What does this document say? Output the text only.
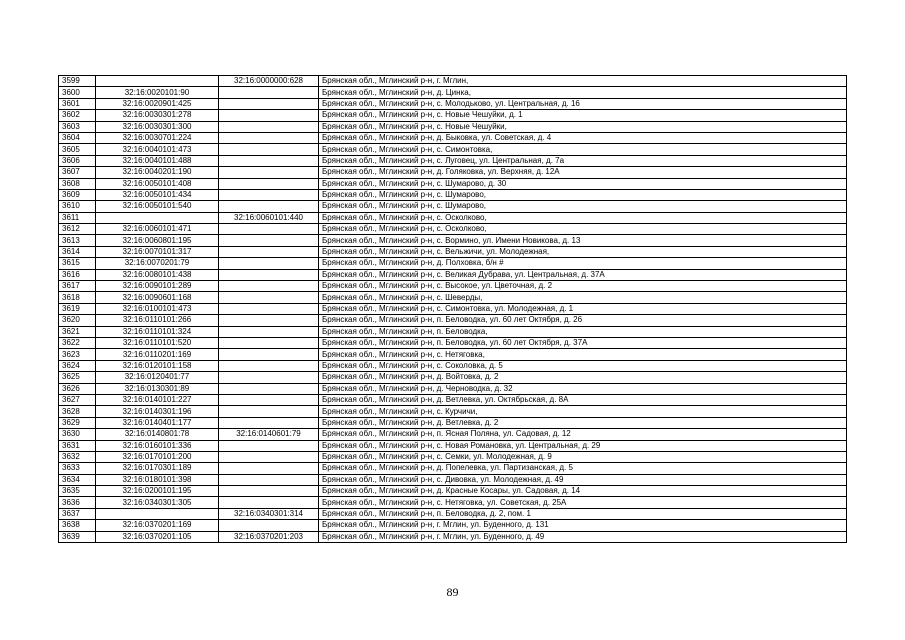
3599		32:16:0000000:628	Брянская обл., Мглинский р-н, г. Мглин,
3600	32:16:0020101:90		Брянская обл., Мглинский р-н, д. Цинка,
3601	32:16:0020901:425		Брянская обл., Мглинский р-н, с. Молодьково, ул. Центральная, д. 16
3602	32:16:0030301:278		Брянская обл., Мглинский р-н, с. Новые Чешуйки, д. 1
3603	32:16:0030301:300		Брянская обл., Мглинский р-н, с. Новые Чешуйки,
3604	32:16:0030701:224		Брянская обл., Мглинский р-н, д. Быковка, ул. Советская, д. 4
3605	32:16:0040101:473		Брянская обл., Мглинский р-н, с. Симонтовка,
3606	32:16:0040101:488		Брянская обл., Мглинский р-н, с. Луговец, ул. Центральная, д. 7а
3607	32:16:0040201:190		Брянская обл., Мглинский р-н, д. Голяковка, ул. Верхняя, д. 12А
3608	32:16:0050101:408		Брянская обл., Мглинский р-н, с. Шумарово, д. 30
3609	32:16:0050101:434		Брянская обл., Мглинский р-н, с. Шумарово,
3610	32:16:0050101:540		Брянская обл., Мглинский р-н, с. Шумарово,
3611		32:16:0060101:440	Брянская обл., Мглинский р-н, с. Осколково,
3612	32:16:0060101:471		Брянская обл., Мглинский р-н, с. Осколково,
3613	32:16:0060801:195		Брянская обл., Мглинский р-н, с. Вормино, ул. Имени Новикова, д. 13
3614	32:16:0070101:317		Брянская обл., Мглинский р-н, с. Вельжичи, ул. Молодежная,
3615	32:16:0070201:79		Брянская обл., Мглинский р-н, д. Полховка, б/н #
3616	32:16:0080101:438		Брянская обл., Мглинский р-н, с. Великая Дубрава, ул. Центральная, д. 37А
3617	32:16:0090101:289		Брянская обл., Мглинский р-н, с. Высокое, ул. Цветочная, д. 2
3618	32:16:0090601:168		Брянская обл., Мглинский р-н, с. Шеверды,
3619	32:16:0100101:473		Брянская обл., Мглинский р-н, с. Симонтовка, ул. Молодежная, д. 1
3620	32:16:0110101:266		Брянская обл., Мглинский р-н, п. Беловодка, ул. 60 лет Октября, д. 26
3621	32:16:0110101:324		Брянская обл., Мглинский р-н, п. Беловодка,
3622	32:16:0110101:520		Брянская обл., Мглинский р-н, п. Беловодка, ул. 60 лет Октября, д. 37А
3623	32:16:0110201:169		Брянская обл., Мглинский р-н, с. Нетяговка,
3624	32:16:0120101:158		Брянская обл., Мглинский р-н, с. Соколовка, д. 5
3625	32:16:0120401:77		Брянская обл., Мглинский р-н, д. Войтовка, д. 2
3626	32:16:0130301:89		Брянская обл., Мглинский р-н, д. Черноводка, д. 32
3627	32:16:0140101:227		Брянская обл., Мглинский р-н, д. Ветлевка, ул. Октябрьская, д. 8А
3628	32:16:0140301:196		Брянская обл., Мглинский р-н, с. Курчичи,
3629	32:16:0140401:177		Брянская обл., Мглинский р-н, д. Ветлевка, д. 2
3630	32:16:0140801:78	32:16:0140601:79	Брянская обл., Мглинский р-н, п. Ясная Поляна, ул. Садовая, д. 12
3631	32:16:0160101:336		Брянская обл., Мглинский р-н, с. Новая Романовка, ул. Центральная, д. 29
3632	32:16:0170101:200		Брянская обл., Мглинский р-н, с. Семки, ул. Молодежная, д. 9
3633	32:16:0170301:189		Брянская обл., Мглинский р-н, д. Попелевка, ул. Партизанская, д. 5
3634	32:16:0180101:398		Брянская обл., Мглинский р-н, с. Дивовка, ул. Молодежная, д. 49
3635	32:16:0200101:195		Брянская обл., Мглинский р-н, д. Красные Косары, ул. Садовая, д. 14
3636	32:16:0340301:305		Брянская обл., Мглинский р-н, с. Нетяговка, ул. Советская, д. 25А
3637		32:16:0340301:314	Брянская обл., Мглинский р-н, п. Беловодка, д. 2, пом. 1
3638	32:16:0370201:169		Брянская обл., Мглинский р-н, г. Мглин, ул. Буденного, д. 131
3639	32:16:0370201:105	32:16:0370201:203	Брянская обл., Мглинский р-н, г. Мглин, ул. Буденного, д. 49
89
